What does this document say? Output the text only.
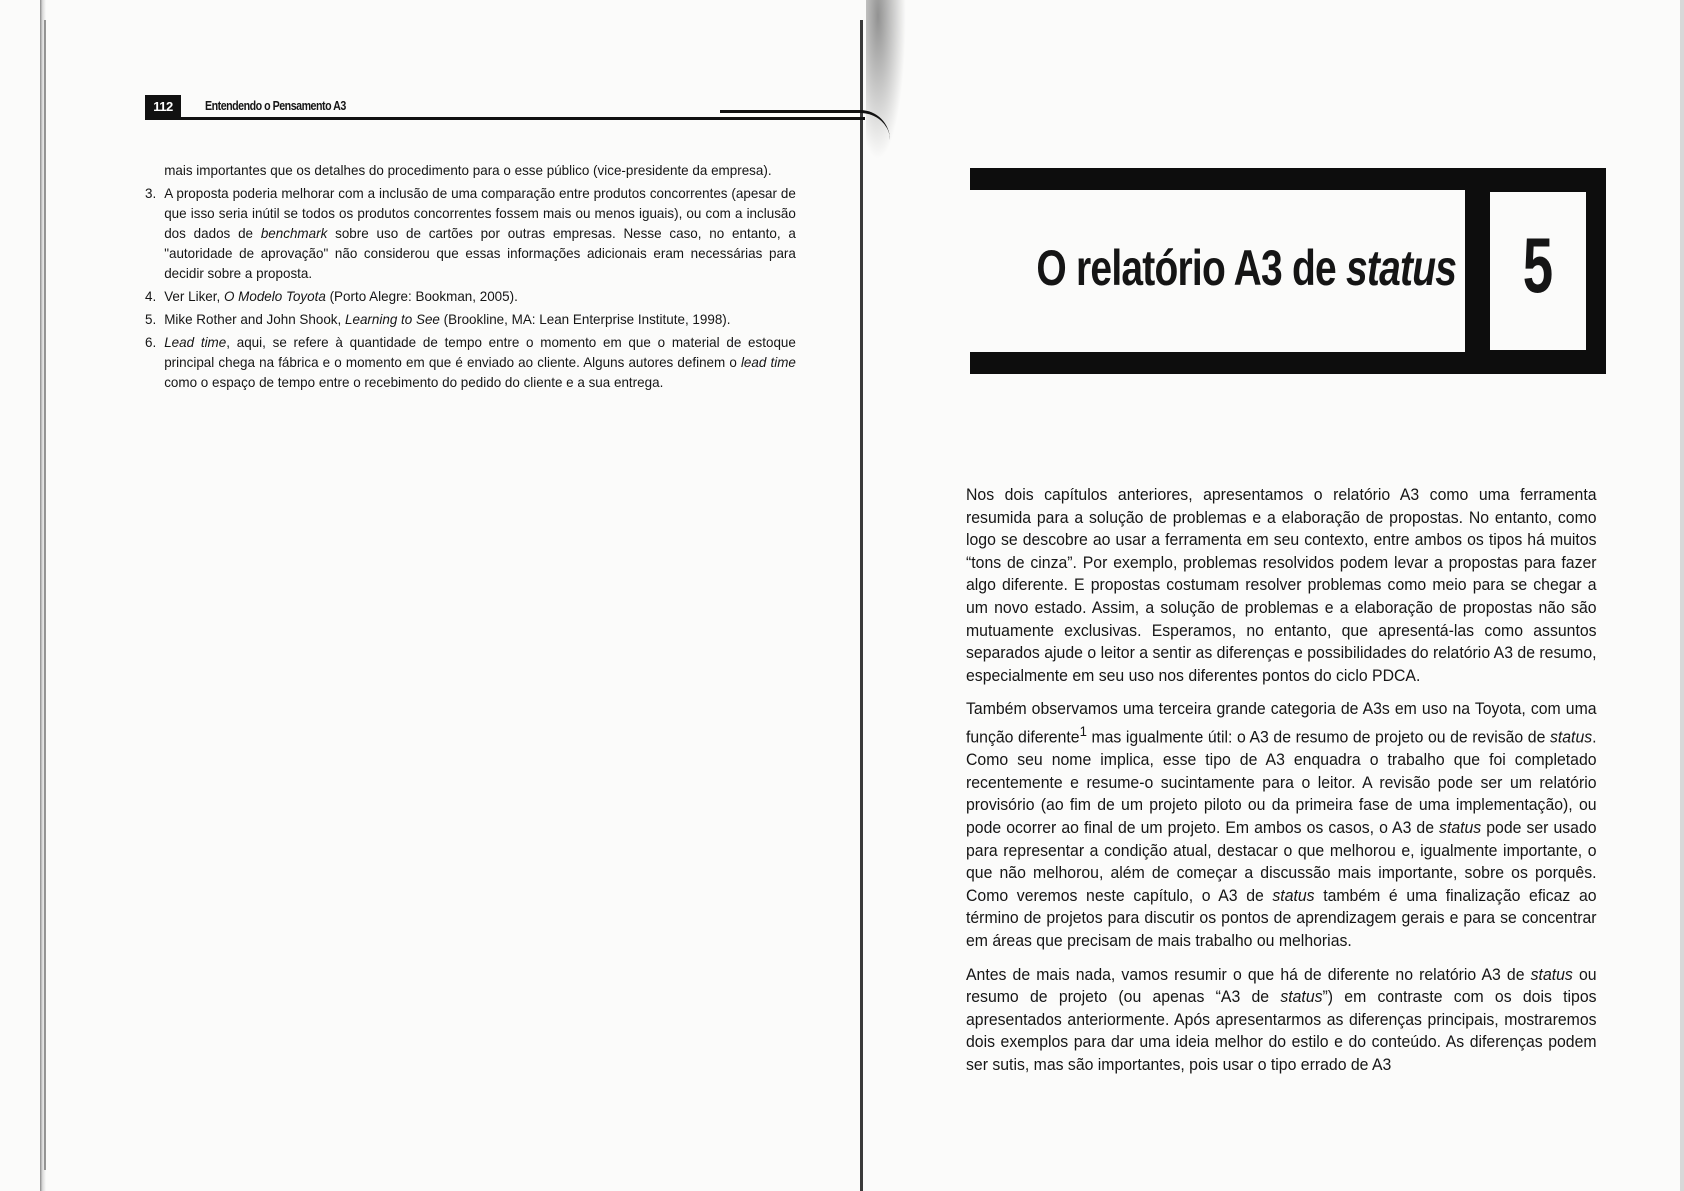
112	Entendendo o Pensamento A3
mais importantes que os detalhes do procedimento para o esse público (vice-presidente da empresa).
3. A proposta poderia melhorar com a inclusão de uma comparação entre produtos concorrentes (apesar de que isso seria inútil se todos os produtos concorrentes fossem mais ou menos iguais), ou com a inclusão dos dados de benchmark sobre uso de cartões por outras empresas. Nesse caso, no entanto, a "autoridade de aprovação" não considerou que essas informações adicionais eram necessárias para decidir sobre a proposta.
4. Ver Liker, O Modelo Toyota (Porto Alegre: Bookman, 2005).
5. Mike Rother and John Shook, Learning to See (Brookline, MA: Lean Enterprise Institute, 1998).
6. Lead time, aqui, se refere à quantidade de tempo entre o momento em que o material de estoque principal chega na fábrica e o momento em que é enviado ao cliente. Alguns autores definem o lead time como o espaço de tempo entre o recebimento do pedido do cliente e a sua entrega.
5
O relatório A3 de status

Nos dois capítulos anteriores, apresentamos o relatório A3 como uma ferramenta resumida para a solução de problemas e a elaboração de propostas. No entanto, como logo se descobre ao usar a ferramenta em seu contexto, entre ambos os tipos há muitos “tons de cinza”. Por exemplo, problemas resolvidos podem levar a propostas para fazer algo diferente. E propostas costumam resolver problemas como meio para se chegar a um novo estado. Assim, a solução de problemas e a elaboração de propostas não são mutuamente exclusivas. Esperamos, no entanto, que apresentá-las como assuntos separados ajude o leitor a sentir as diferenças e possibilidades do relatório A3 de resumo, especialmente em seu uso nos diferentes pontos do ciclo PDCA.

Também observamos uma terceira grande categoria de A3s em uso na Toyota, com uma função diferente$^1$ mas igualmente útil: o A3 de resumo de projeto ou de revisão de status. Como seu nome implica, esse tipo de A3 enquadra o trabalho que foi completado recentemente e resume-o sucintamente para o leitor. A revisão pode ser um relatório provisório (ao fim de um projeto piloto ou da primeira fase de uma implementação), ou pode ocorrer ao final de um projeto. Em ambos os casos, o A3 de status pode ser usado para representar a condição atual, destacar o que melhorou e, igualmente importante, o que não melhorou, além de começar a discussão mais importante, sobre os porquês. Como veremos neste capítulo, o A3 de status também é uma finalização eficaz ao término de projetos para discutir os pontos de aprendizagem gerais e para se concentrar em áreas que precisam de mais trabalho ou melhorias.

Antes de mais nada, vamos resumir o que há de diferente no relatório A3 de status ou resumo de projeto (ou apenas “A3 de status”) em contraste com os dois tipos apresentados anteriormente. Após apresentarmos as diferenças principais, mostraremos dois exemplos para dar uma ideia melhor do estilo e do conteúdo. As diferenças podem ser sutis, mas são importantes, pois usar o tipo errado de A3
